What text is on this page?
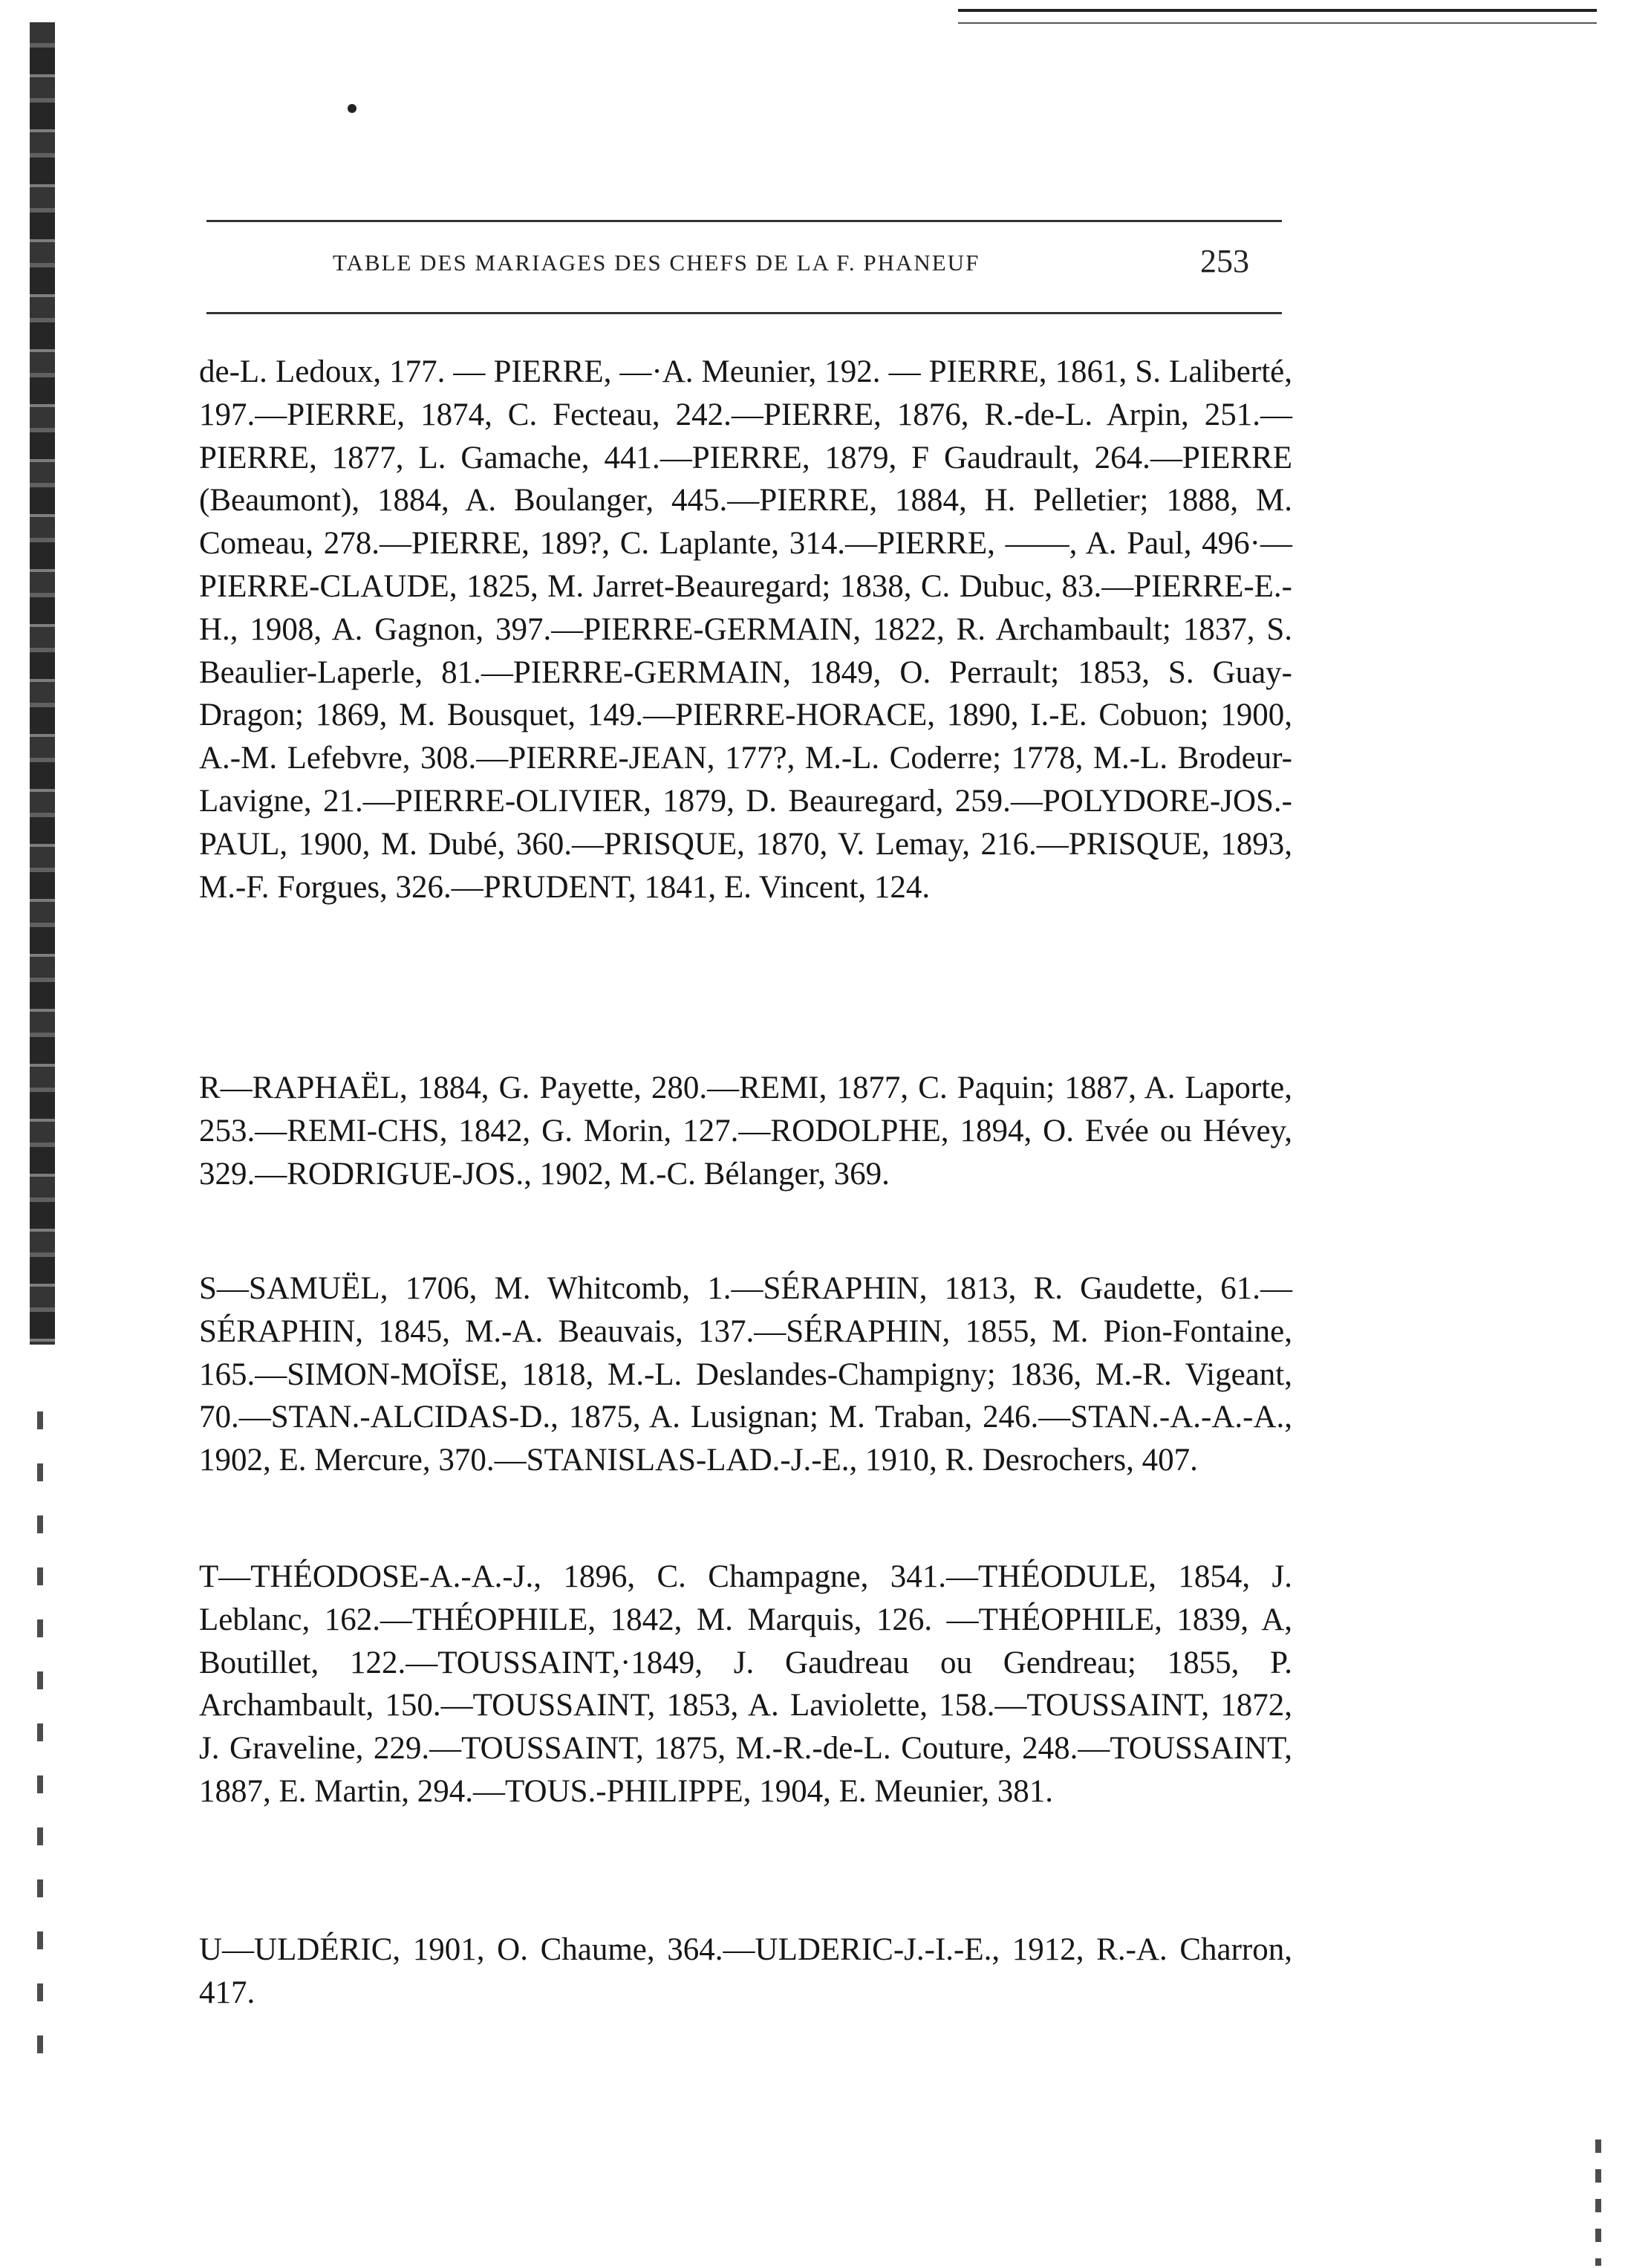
TABLE DES MARIAGES DES CHEFS DE LA F. PHANEUF	253

de-L. Ledoux, 177. — PIERRE, —·A. Meunier, 192. — PIERRE, 1861, S. Laliberté, 197.—PIERRE, 1874, C. Fecteau, 242.—PIERRE, 1876, R.-de-L. Arpin, 251.—PIERRE, 1877, L. Gamache, 441.—PIERRE, 1879, F Gaudrault, 264.—PIERRE (Beaumont), 1884, A. Boulanger, 445.—PIERRE, 1884, H. Pelletier; 1888, M. Comeau, 278.—PIERRE, 189?, C. Laplante, 314.—PIERRE, ——, A. Paul, 496·—PIERRE-CLAUDE, 1825, M. Jarret-Beauregard; 1838, C. Dubuc, 83.—PIERRE-E.-H., 1908, A. Gagnon, 397.—PIERRE-GERMAIN, 1822, R. Archambault; 1837, S. Beaulier-Laperle, 81.—PIERRE-GERMAIN, 1849, O. Perrault; 1853, S. Guay-Dragon; 1869, M. Bousquet, 149.—PIERRE-HORACE, 1890, I.-E. Cobuon; 1900, A.-M. Lefebvre, 308.—PIERRE-JEAN, 177?, M.-L. Coderre; 1778, M.-L. Brodeur-Lavigne, 21.—PIERRE-OLIVIER, 1879, D. Beauregard, 259.—POLYDORE-JOS.-PAUL, 1900, M. Dubé, 360.—PRISQUE, 1870, V. Lemay, 216.—PRISQUE, 1893, M.-F. Forgues, 326.—PRUDENT, 1841, E. Vincent, 124.

R—RAPHAËL, 1884, G. Payette, 280.—REMI, 1877, C. Paquin; 1887, A. Laporte, 253.—REMI-CHS, 1842, G. Morin, 127.—RODOLPHE, 1894, O. Evée ou Hévey, 329.—RODRIGUE-JOS., 1902, M.-C. Bélanger, 369.

S—SAMUËL, 1706, M. Whitcomb, 1.—SÉRAPHIN, 1813, R. Gaudette, 61.—SÉRAPHIN, 1845, M.-A. Beauvais, 137.—SÉRAPHIN, 1855, M. Pion-Fontaine, 165.—SIMON-MOÏSE, 1818, M.-L. Deslandes-Champigny; 1836, M.-R. Vigeant, 70.—STAN.-ALCIDAS-D., 1875, A. Lusignan; M. Traban, 246.—STAN.-A.-A.-A., 1902, E. Mercure, 370.—STANISLAS-LAD.-J.-E., 1910, R. Desrochers, 407.

T—THÉODOSE-A.-A.-J., 1896, C. Champagne, 341.—THÉODULE, 1854, J. Leblanc, 162.—THÉOPHILE, 1842, M. Marquis, 126. —THÉOPHILE, 1839, A, Boutillet, 122.—TOUSSAINT,·1849, J. Gaudreau ou Gendreau; 1855, P. Archambault, 150.—TOUSSAINT, 1853, A. Laviolette, 158.—TOUSSAINT, 1872, J. Graveline, 229.—TOUSSAINT, 1875, M.-R.-de-L. Couture, 248.—TOUSSAINT, 1887, E. Martin, 294.—TOUS.-PHILIPPE, 1904, E. Meunier, 381.

U—ULDÉRIC, 1901, O. Chaume, 364.—ULDERIC-J.-I.-E., 1912, R.-A. Charron, 417.
